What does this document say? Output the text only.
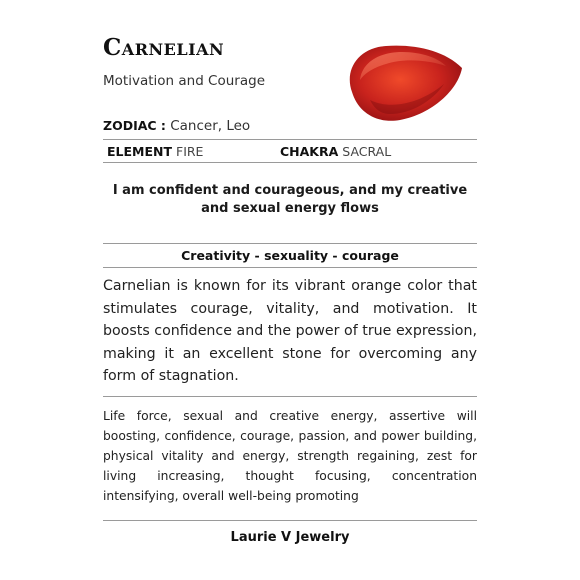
Carnelian
Motivation and Courage
ZODIAC : Cancer, Leo
ELEMENT FIRE	CHAKRA SACRAL
I am confident and courageous, and my creative and sexual energy flows
Creativity - sexuality - courage
Carnelian is known for its vibrant orange color that stimulates courage, vitality, and motivation. It boosts confidence and the power of true expression, making it an excellent stone for overcoming any form of stagnation.
Life force, sexual and creative energy, assertive will boosting, confidence, courage, passion, and power building, physical vitality and energy, strength regaining, zest for living increasing, thought focusing, concentration intensifying, overall well-being promoting
Laurie V Jewelry
